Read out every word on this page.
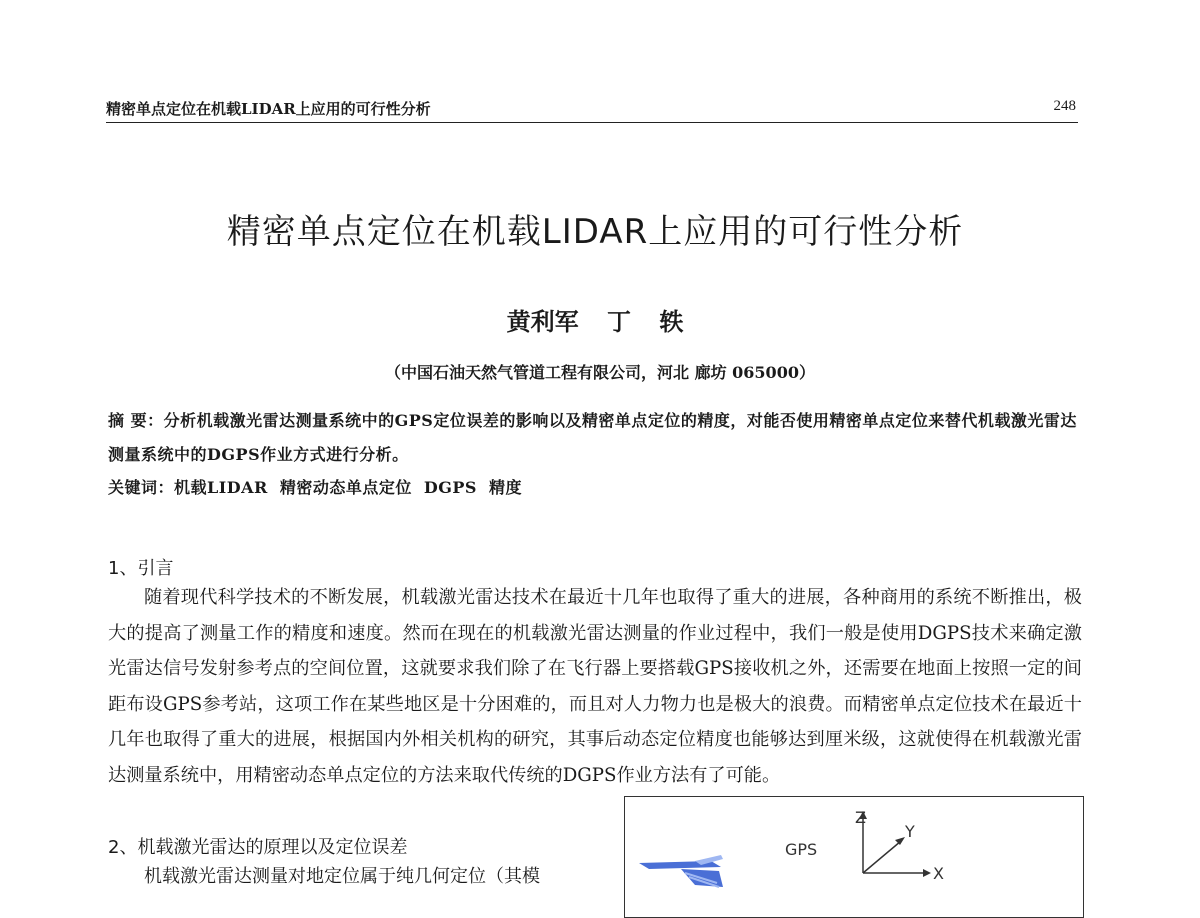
精密单点定位在机载LIDAR上应用的可行性分析	248
精密单点定位在机载LIDAR上应用的可行性分析
黄利军 丁 轶
（中国石油天然气管道工程有限公司，河北 廊坊 065000）
摘 要：分析机载激光雷达测量系统中的GPS定位误差的影响以及精密单点定位的精度，对能否使用精密单点定位来替代机载激光雷达测量系统中的DGPS作业方式进行分析。
关键词：机载LIDAR 精密动态单点定位 DGPS 精度
1、引言

随着现代科学技术的不断发展，机载激光雷达技术在最近十几年也取得了重大的进展，各种商用的系统不断推出，极大的提高了测量工作的精度和速度。然而在现在的机载激光雷达测量的作业过程中，我们一般是使用DGPS技术来确定激光雷达信号发射参考点的空间位置，这就要求我们除了在飞行器上要搭载GPS接收机之外，还需要在地面上按照一定的间距布设GPS参考站，这项工作在某些地区是十分困难的，而且对人力物力也是极大的浪费。而精密单点定位技术在最近十几年也取得了重大的进展，根据国内外相关机构的研究，其事后动态定位精度也能够达到厘米级，这就使得在机载激光雷达测量系统中，用精密动态单点定位的方法来取代传统的DGPS作业方法有了可能。

2、机载激光雷达的原理以及定位误差

机载激光雷达测量对地定位属于纯几何定位（其模

GPS
Z
Y
X
